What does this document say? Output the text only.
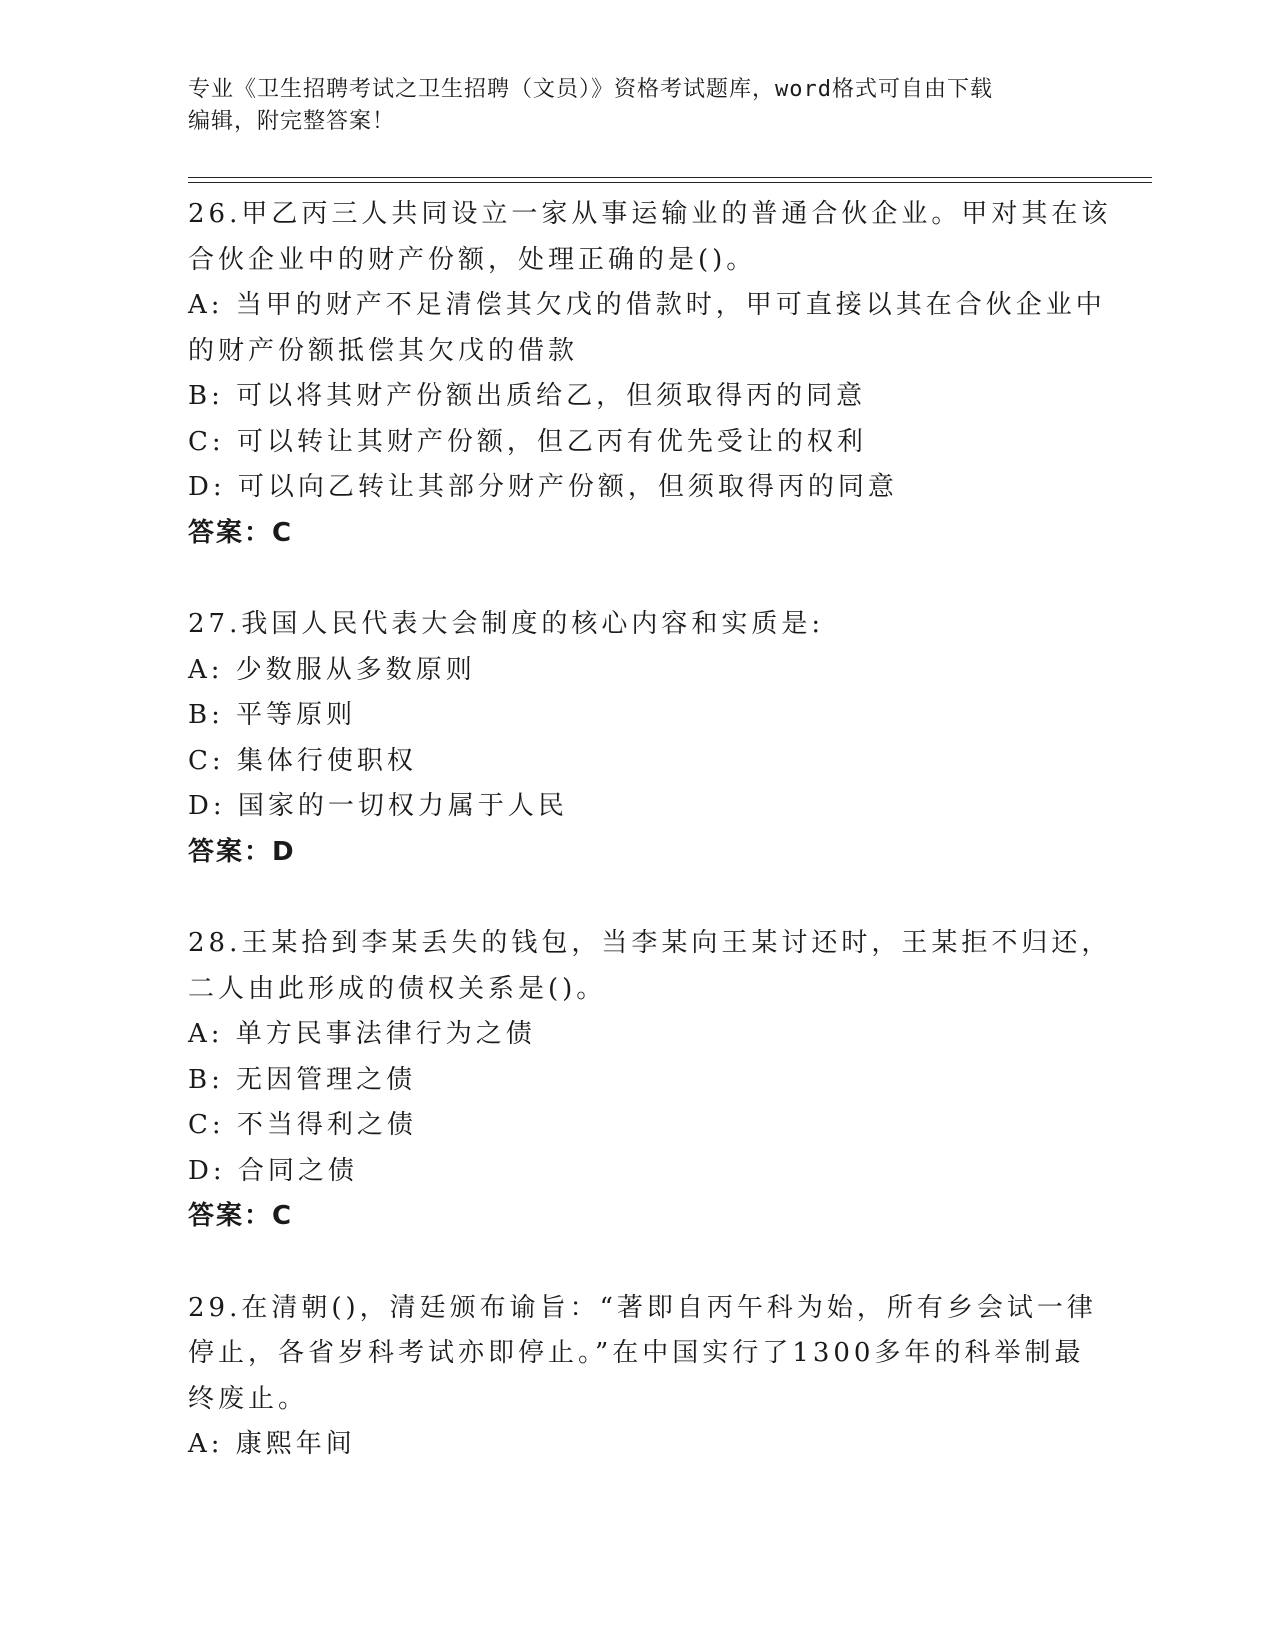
专业《卫生招聘考试之卫生招聘（文员）》资格考试题库，word格式可自由下载
编辑，附完整答案！
26.甲乙丙三人共同设立一家从事运输业的普通合伙企业。甲对其在该
合伙企业中的财产份额，处理正确的是()。
A: 当甲的财产不足清偿其欠戊的借款时，甲可直接以其在合伙企业中
的财产份额抵偿其欠戊的借款
B: 可以将其财产份额出质给乙，但须取得丙的同意
C: 可以转让其财产份额，但乙丙有优先受让的权利
D: 可以向乙转让其部分财产份额，但须取得丙的同意
答案：C
27.我国人民代表大会制度的核心内容和实质是:
A: 少数服从多数原则
B: 平等原则
C: 集体行使职权
D: 国家的一切权力属于人民
答案：D
28.王某拾到李某丢失的钱包，当李某向王某讨还时，王某拒不归还，
二人由此形成的债权关系是()。
A: 单方民事法律行为之债
B: 无因管理之债
C: 不当得利之债
D: 合同之债
答案：C
29.在清朝()，清廷颁布谕旨：“著即自丙午科为始，所有乡会试一律
停止，各省岁科考试亦即停止。”在中国实行了1300多年的科举制最
终废止。
A: 康熙年间
